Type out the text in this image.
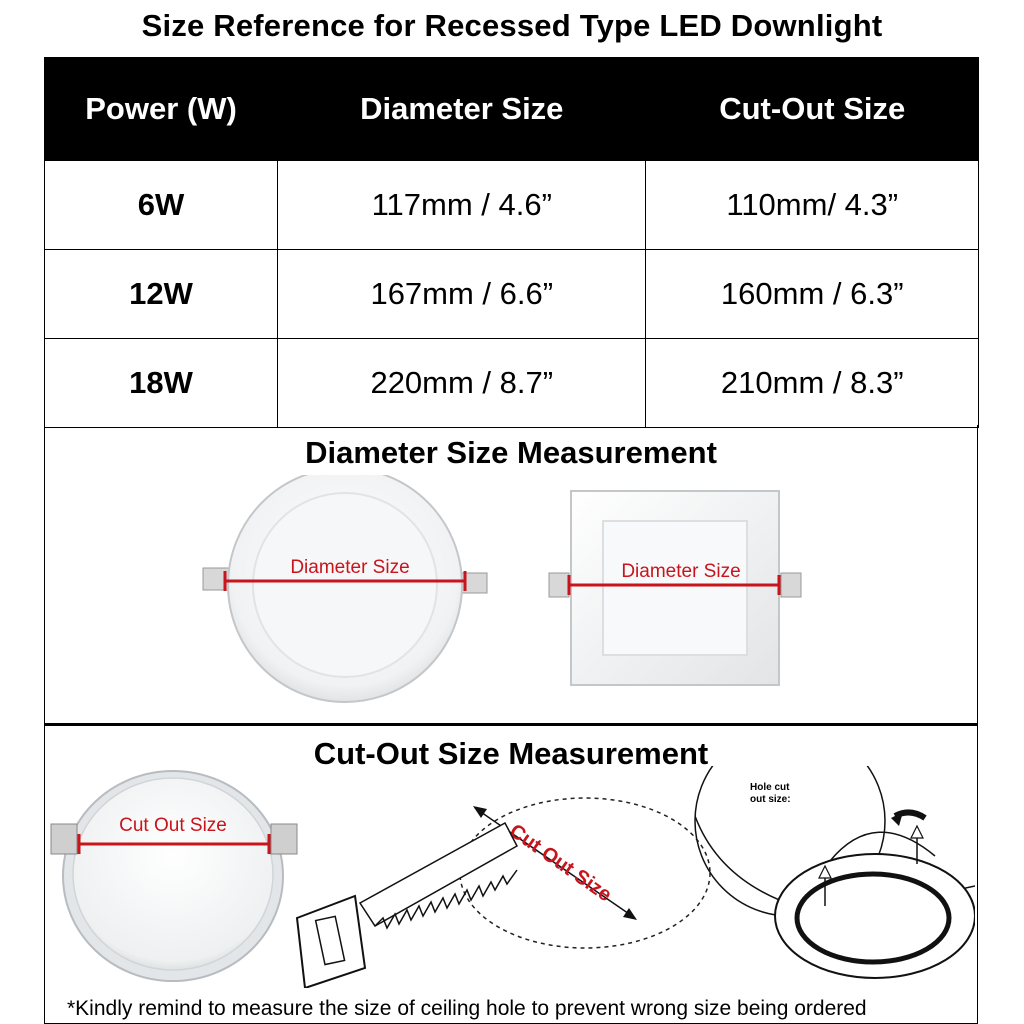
Size Reference for Recessed Type LED Downlight
Power (W)	Diameter Size	Cut-Out Size
6W	117mm / 4.6”	110mm/ 4.3”
12W	167mm / 6.6”	160mm / 6.3”
18W	220mm / 8.7”	210mm / 8.3”
Diameter Size Measurement
Diameter Size	Diameter Size
Cut-Out Size Measurement
Cut Out Size	Cut Out Size
Hole cut
out size:
*Kindly remind to measure the size of ceiling hole to prevent wrong size being ordered
